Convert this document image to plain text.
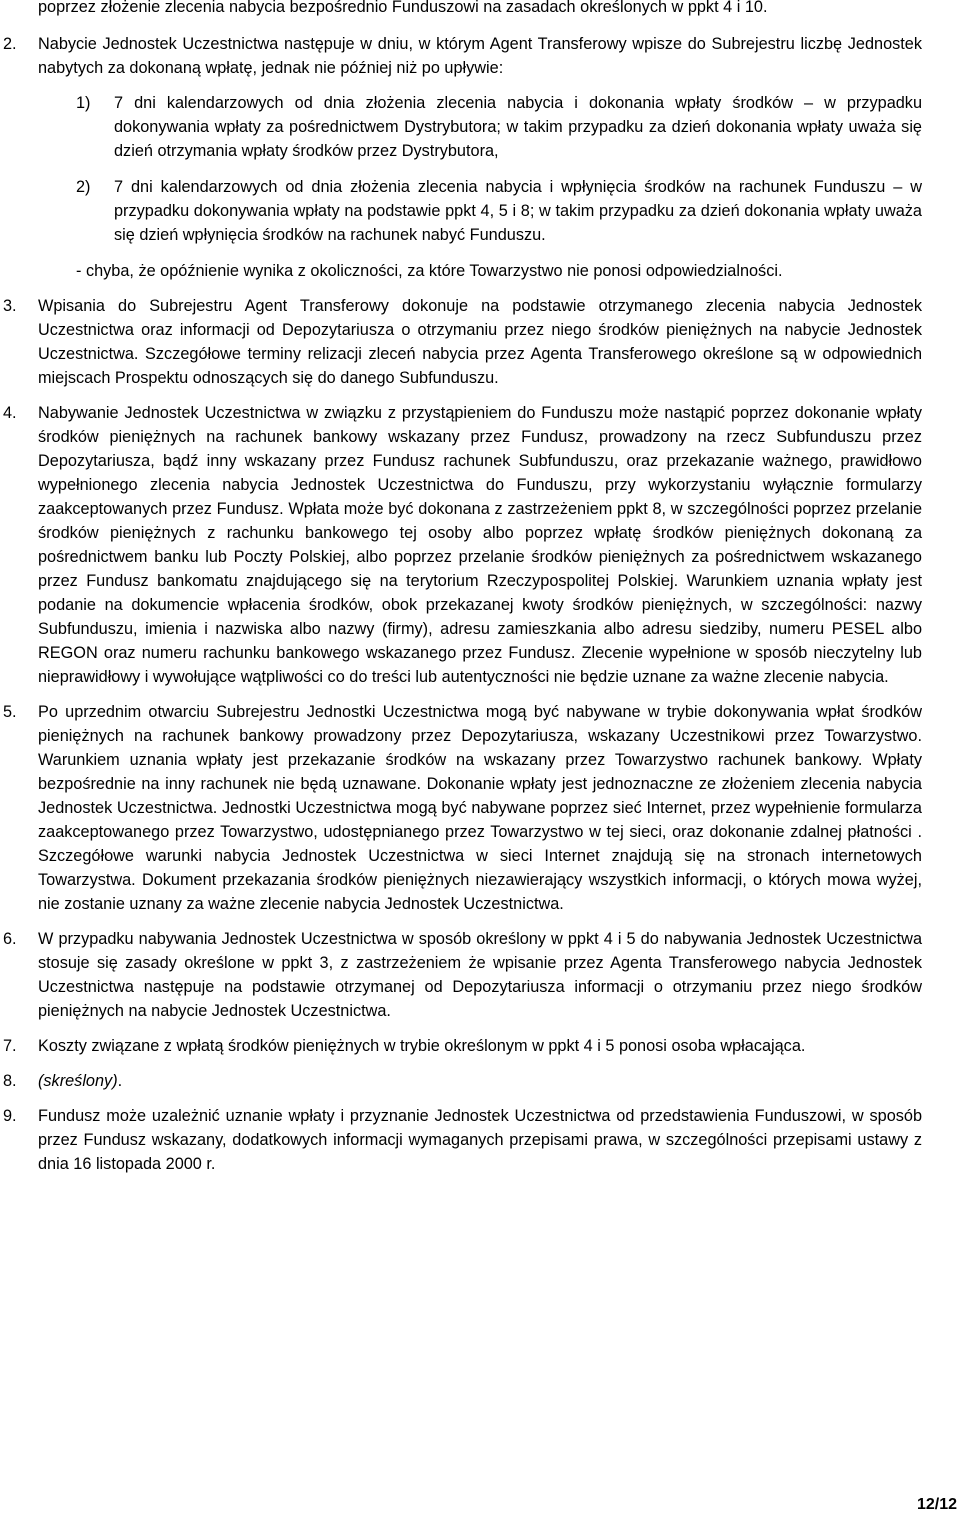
poprzez złożenie zlecenia nabycia bezpośrednio Funduszowi na zasadach określonych w ppkt 4 i 10.

2. Nabycie Jednostek Uczestnictwa następuje w dniu, w którym Agent Transferowy wpisze do Subrejestru liczbę Jednostek nabytych za dokonaną wpłatę, jednak nie później niż po upływie:
1) 7 dni kalendarzowych od dnia złożenia zlecenia nabycia i dokonania wpłaty środków – w przypadku dokonywania wpłaty za pośrednictwem Dystrybutora; w takim przypadku za dzień dokonania wpłaty uważa się dzień otrzymania wpłaty środków przez Dystrybutora,
2) 7 dni kalendarzowych od dnia złożenia zlecenia nabycia i wpłynięcia środków na rachunek Funduszu – w przypadku dokonywania wpłaty na podstawie ppkt 4, 5 i 8; w takim przypadku za dzień dokonania wpłaty uważa się dzień wpłynięcia środków na rachunek nabyć Funduszu.
- chyba, że opóźnienie wynika z okoliczności, za które Towarzystwo nie ponosi odpowiedzialności.
3. Wpisania do Subrejestru Agent Transferowy dokonuje na podstawie otrzymanego zlecenia nabycia Jednostek Uczestnictwa oraz informacji od Depozytariusza o otrzymaniu przez niego środków pieniężnych na nabycie Jednostek Uczestnictwa. Szczegółowe terminy relizacji zleceń nabycia przez Agenta Transferowego określone są w odpowiednich miejscach Prospektu odnoszących się do danego Subfunduszu.
4. Nabywanie Jednostek Uczestnictwa w związku z przystąpieniem do Funduszu może nastąpić poprzez dokonanie wpłaty środków pieniężnych na rachunek bankowy wskazany przez Fundusz, prowadzony na rzecz Subfunduszu przez Depozytariusza, bądź inny wskazany przez Fundusz rachunek Subfunduszu, oraz przekazanie ważnego, prawidłowo wypełnionego zlecenia nabycia Jednostek Uczestnictwa do Funduszu, przy wykorzystaniu wyłącznie formularzy zaakceptowanych przez Fundusz. Wpłata może być dokonana z zastrzeżeniem ppkt 8, w szczególności poprzez przelanie środków pieniężnych z rachunku bankowego tej osoby albo poprzez wpłatę środków pieniężnych dokonaną za pośrednictwem banku lub Poczty Polskiej, albo poprzez przelanie środków pieniężnych za pośrednictwem wskazanego przez Fundusz bankomatu znajdującego się na terytorium Rzeczypospolitej Polskiej. Warunkiem uznania wpłaty jest podanie na dokumencie wpłacenia środków, obok przekazanej kwoty środków pieniężnych, w szczególności: nazwy Subfunduszu, imienia i nazwiska albo nazwy (firmy), adresu zamieszkania albo adresu siedziby, numeru PESEL albo REGON oraz numeru rachunku bankowego wskazanego przez Fundusz. Zlecenie wypełnione w sposób nieczytelny lub nieprawidłowy i wywołujące wątpliwości co do treści lub autentyczności nie będzie uznane za ważne zlecenie nabycia.
5. Po uprzednim otwarciu Subrejestru Jednostki Uczestnictwa mogą być nabywane w trybie dokonywania wpłat środków pieniężnych na rachunek bankowy prowadzony przez Depozytariusza, wskazany Uczestnikowi przez Towarzystwo. Warunkiem uznania wpłaty jest przekazanie środków na wskazany przez Towarzystwo rachunek bankowy. Wpłaty bezpośrednie na inny rachunek nie będą uznawane. Dokonanie wpłaty jest jednoznaczne ze złożeniem zlecenia nabycia Jednostek Uczestnictwa. Jednostki Uczestnictwa mogą być nabywane poprzez sieć Internet, przez wypełnienie formularza zaakceptowanego przez Towarzystwo, udostępnianego przez Towarzystwo w tej sieci, oraz dokonanie zdalnej płatności . Szczegółowe warunki nabycia Jednostek Uczestnictwa w sieci Internet znajdują się na stronach internetowych Towarzystwa. Dokument przekazania środków pieniężnych niezawierający wszystkich informacji, o których mowa wyżej, nie zostanie uznany za ważne zlecenie nabycia Jednostek Uczestnictwa.
6. W przypadku nabywania Jednostek Uczestnictwa w sposób określony w ppkt 4 i 5 do nabywania Jednostek Uczestnictwa stosuje się zasady określone w ppkt 3, z zastrzeżeniem że wpisanie przez Agenta Transferowego nabycia Jednostek Uczestnictwa następuje na podstawie otrzymanej od Depozytariusza informacji o otrzymaniu przez niego środków pieniężnych na nabycie Jednostek Uczestnictwa.
7. Koszty związane z wpłatą środków pieniężnych w trybie określonym w ppkt 4 i 5 ponosi osoba wpłacająca.
8. (skreślony).
9. Fundusz może uzależnić uznanie wpłaty i przyznanie Jednostek Uczestnictwa od przedstawienia Funduszowi, w sposób przez Fundusz wskazany, dodatkowych informacji wymaganych przepisami prawa, w szczególności przepisami ustawy z dnia 16 listopada 2000 r.
12/12
